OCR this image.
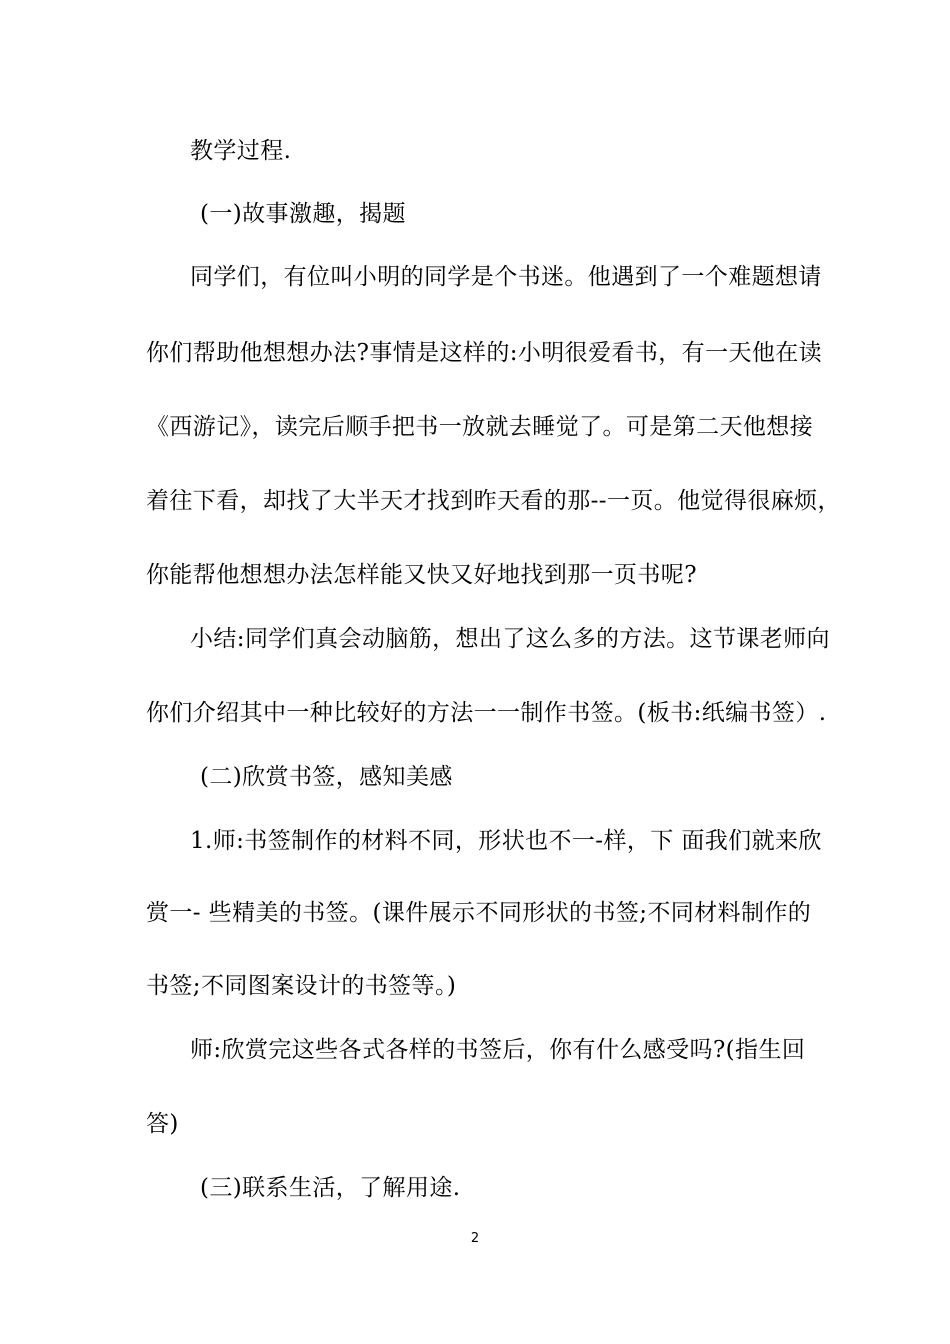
教学过程.
(一)故事激趣，揭题
同学们，有位叫小明的同学是个书迷。他遇到了一个难题想请
你们帮助他想想办法?事情是这样的:小明很爱看书，有一天他在读
《西游记》，读完后顺手把书一放就去睡觉了。可是第二天他想接
着往下看，却找了大半天才找到昨天看的那--一页。他觉得很麻烦，
你能帮他想想办法怎样能又快又好地找到那一页书呢?
小结:同学们真会动脑筋，想出了这么多的方法。这节课老师向
你们介绍其中一种比较好的方法一一制作书签。(板书:纸编书签）.
(二)欣赏书签，感知美感
1.师:书签制作的材料不同，形状也不一-样，下 面我们就来欣
赏一- 些精美的书签。(课件展示不同形状的书签;不同材料制作的
书签;不同图案设计的书签等。)
师:欣赏完这些各式各样的书签后，你有什么感受吗?(指生回
答)
(三)联系生活，了解用途.
2
